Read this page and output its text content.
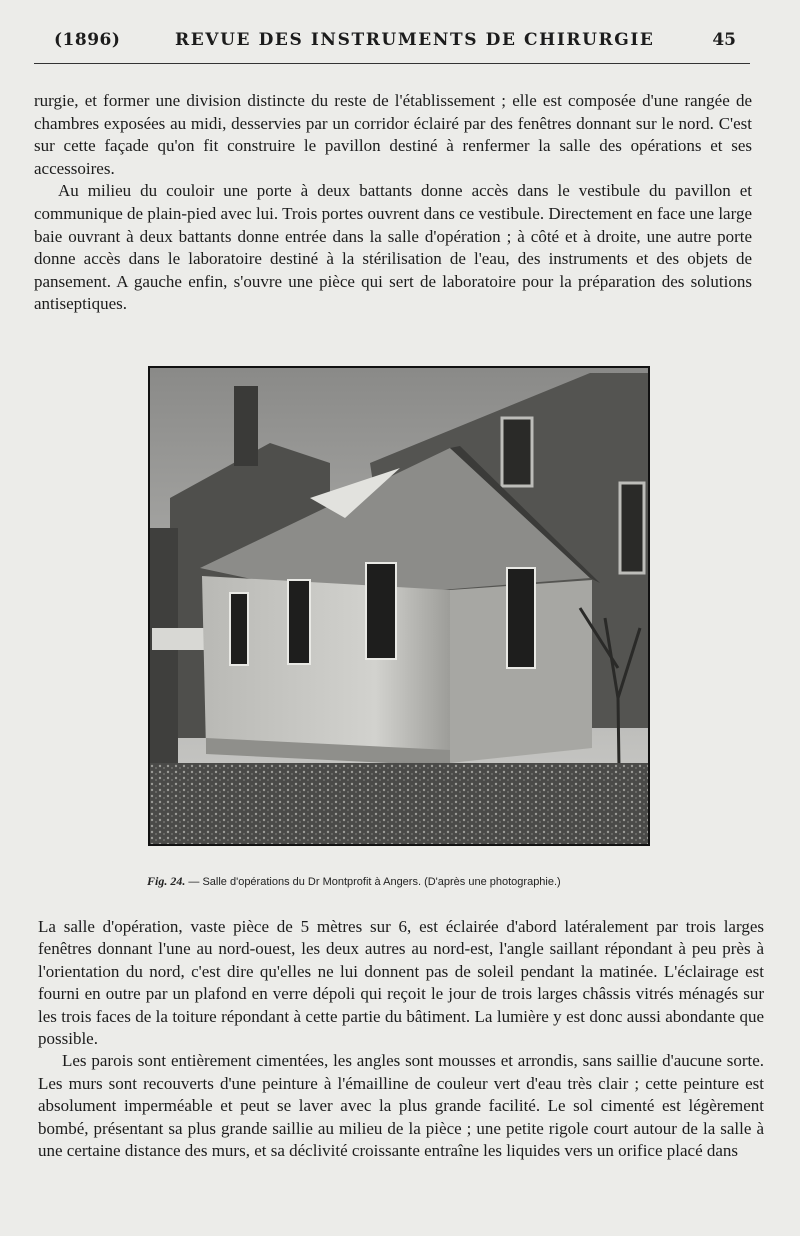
(1896)	REVUE DES INSTRUMENTS DE CHIRURGIE	45

rurgie, et former une division distincte du reste de l'établissement ; elle est composée d'une rangée de chambres exposées au midi, desservies par un corridor éclairé par des fenêtres donnant sur le nord. C'est sur cette façade qu'on fit construire le pavillon destiné à renfermer la salle des opérations et ses accessoires.

Au milieu du couloir une porte à deux battants donne accès dans le vestibule du pavillon et communique de plain-pied avec lui. Trois portes ouvrent dans ce vestibule. Directement en face une large baie ouvrant à deux battants donne entrée dans la salle d'opération ; à côté et à droite, une autre porte donne accès dans le laboratoire destiné à la stérilisation de l'eau, des instruments et des objets de pansement. A gauche enfin, s'ouvre une pièce qui sert de laboratoire pour la préparation des solutions antiseptiques.

Fig. 24. — Salle d'opérations du Dr Montprofit à Angers. (D'après une photographie.)

La salle d'opération, vaste pièce de 5 mètres sur 6, est éclairée d'abord latéralement par trois larges fenêtres donnant l'une au nord-ouest, les deux autres au nord-est, l'angle saillant répondant à peu près à l'orientation du nord, c'est dire qu'elles ne lui donnent pas de soleil pendant la matinée. L'éclairage est fourni en outre par un plafond en verre dépoli qui reçoit le jour de trois larges châssis vitrés ménagés sur les trois faces de la toiture répondant à cette partie du bâtiment. La lumière y est donc aussi abondante que possible.

Les parois sont entièrement cimentées, les angles sont mousses et arrondis, sans saillie d'aucune sorte. Les murs sont recouverts d'une peinture à l'émailline de couleur vert d'eau très clair ; cette peinture est absolument imperméable et peut se laver avec la plus grande facilité. Le sol cimenté est légèrement bombé, présentant sa plus grande saillie au milieu de la pièce ; une petite rigole court autour de la salle à une certaine distance des murs, et sa déclivité croissante entraîne les liquides vers un orifice placé dans
